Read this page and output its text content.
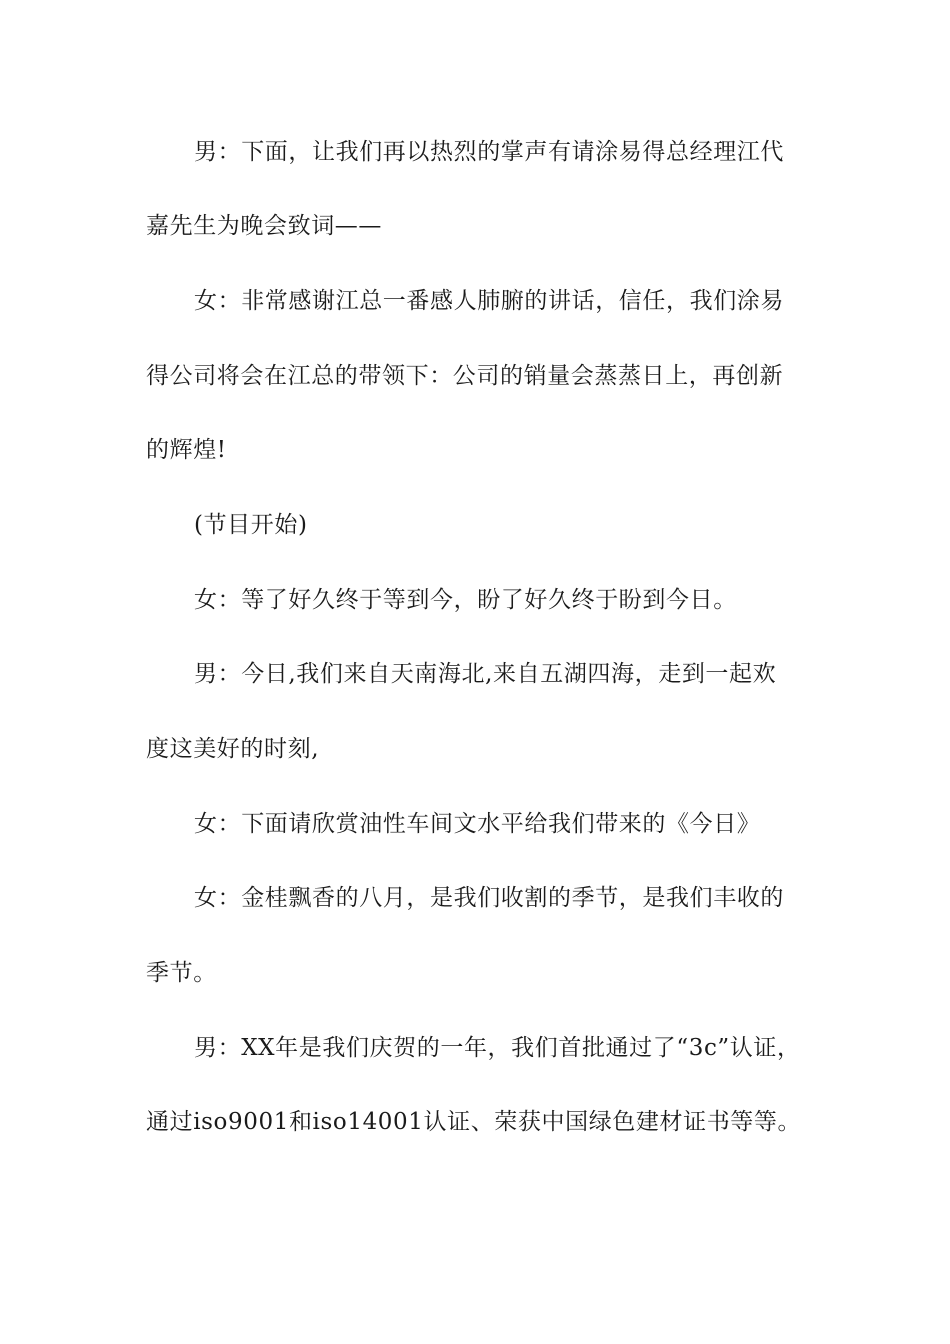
男：下面，让我们再以热烈的掌声有请涂易得总经理江代
嘉先生为晚会致词——
女：非常感谢江总一番感人肺腑的讲话，信任，我们涂易
得公司将会在江总的带领下：公司的销量会蒸蒸日上，再创新
的辉煌!
(节目开始)
女：等了好久终于等到今，盼了好久终于盼到今日。
男：今日,我们来自天南海北,来自五湖四海，走到一起欢
度这美好的时刻,
女：下面请欣赏油性车间文水平给我们带来的《今日》
女：金桂飘香的八月，是我们收割的季节，是我们丰收的
季节。
男：XX年是我们庆贺的一年，我们首批通过了“3c”认证，
通过iso9001和iso14001认证、荣获中国绿色建材证书等等。
